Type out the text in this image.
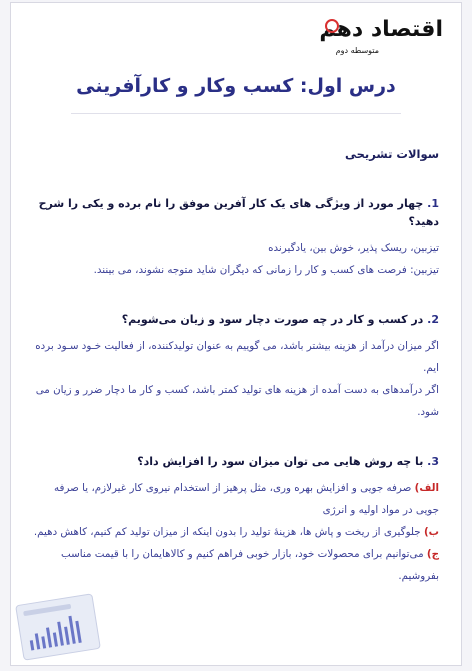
اقتصاد دهم
متوسطه دوم
درس اول: کسب وکار و کارآفرینی
سوالات تشریحی
1. چهار مورد از ویژگی های یک کار آفرین موفق را نام برده و یکی را شرح دهید؟

تیزبین، ریسک پذیر، خوش بین، یادگیرنده

تیزبین: فرصت های کسب و کار را زمانی که دیگران شاید متوجه نشوند، می بینند.

2. در کسب و کار در چه صورت دچار سود و زیان می‌شویم؟

اگر میزان درآمد از هزینه بیشتر باشد، می گوییم به عنوان تولیدکننده، از فعالیت خـود سـود برده ایم.

اگر درآمدهای به دست آمده از هزینه های تولید کمتر باشد، کسب و کار ما دچار ضرر و زیان می شود.

3. با چه روش هایی می توان میزان سود را افزایش داد؟

الف) صرفه جویی و افزایش بهره وری، مثل پرهیز از استخدام نیروی کار غیرلازم، یا صرفه جویی در مواد اولیه و انرژی

ب) جلوگیری از ریخت و پاش ها، هزینۀ تولید را بدون اینکه از میزان تولید کم کنیم، کاهش دهیم.

ج) می‌توانیم برای محصولات خود، بازار خوبی فراهم کنیم و کالاهایمان را با قیمت مناسب بفروشیم.
